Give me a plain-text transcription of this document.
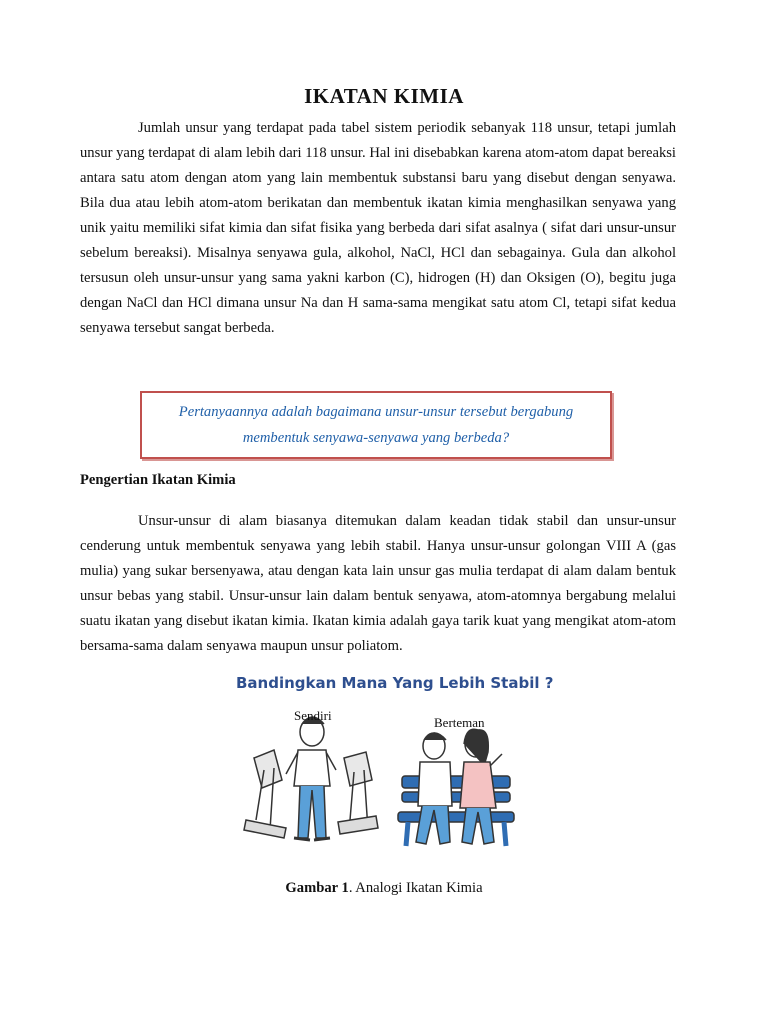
IKATAN KIMIA

Jumlah unsur yang terdapat pada tabel sistem periodik sebanyak 118 unsur, tetapi jumlah unsur yang terdapat di alam lebih dari 118 unsur. Hal ini disebabkan karena atom-atom dapat bereaksi antara satu atom dengan atom yang lain membentuk substansi baru yang disebut dengan senyawa. Bila dua atau lebih atom-atom berikatan dan membentuk ikatan kimia menghasilkan senyawa yang unik yaitu memiliki sifat kimia dan sifat fisika yang berbeda dari sifat asalnya ( sifat dari unsur-unsur sebelum bereaksi). Misalnya senyawa gula, alkohol, NaCl, HCl dan sebagainya. Gula dan alkohol tersusun oleh unsur-unsur yang sama yakni karbon (C), hidrogen (H) dan Oksigen (O), begitu juga dengan NaCl dan HCl dimana unsur Na dan H sama-sama mengikat satu atom Cl, tetapi sifat kedua senyawa tersebut sangat berbeda.

Pertanyaannya adalah bagaimana unsur-unsur tersebut bergabung membentuk senyawa-senyawa yang berbeda?

Pengertian Ikatan Kimia

Unsur-unsur di alam biasanya ditemukan dalam keadan tidak stabil dan unsur-unsur cenderung untuk membentuk senyawa yang lebih stabil. Hanya unsur-unsur golongan VIII A (gas mulia) yang sukar bersenyawa, atau dengan kata lain unsur gas mulia terdapat di alam dalam bentuk unsur bebas yang stabil. Unsur-unsur lain dalam bentuk senyawa, atom-atomnya bergabung melalui suatu ikatan yang disebut ikatan kimia. Ikatan kimia adalah gaya tarik kuat yang mengikat atom-atom bersama-sama dalam senyawa maupun unsur poliatom.

Bandingkan Mana Yang Lebih Stabil ?
Sendiri	Berteman
Gambar 1. Analogi Ikatan Kimia
